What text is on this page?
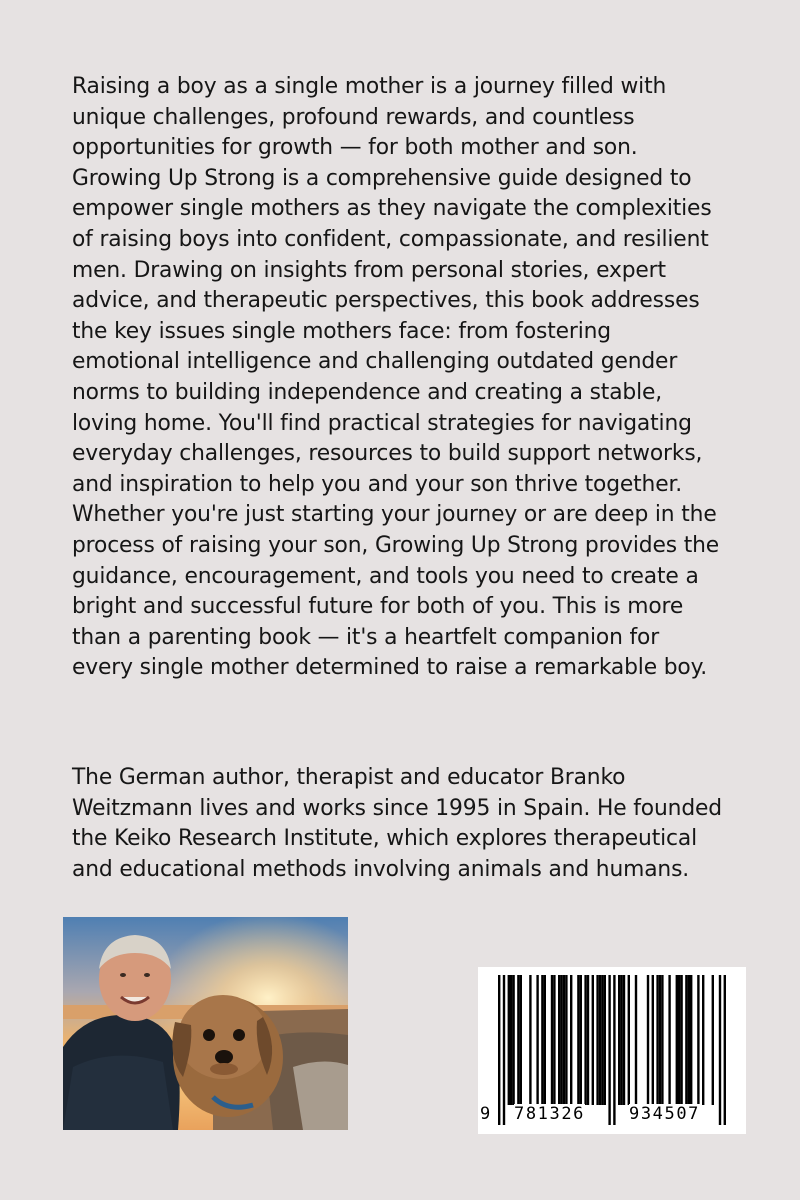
Raising a boy as a single mother is a journey filled with unique challenges, profound rewards, and countless opportunities for growth — for both mother and son. Growing Up Strong is a comprehensive guide designed to empower single mothers as they navigate the complexities of raising boys into confident, compassionate, and resilient men. Drawing on insights from personal stories, expert advice, and therapeutic perspectives, this book addresses the key issues single mothers face: from fostering emotional intelligence and challenging outdated gender norms to building independence and creating a stable, loving home. You'll find practical strategies for navigating everyday challenges, resources to build support networks, and inspiration to help you and your son thrive together. Whether you're just starting your journey or are deep in the process of raising your son, Growing Up Strong provides the guidance, encouragement, and tools you need to create a bright and successful future for both of you. This is more than a parenting book — it's a heartfelt companion for every single mother determined to raise a remarkable boy.

The German author, therapist and educator Branko Weitzmann lives and works since 1995 in Spain. He founded the Keiko Research Institute, which explores therapeutical and educational methods involving animals and humans.

9 781326	934507
